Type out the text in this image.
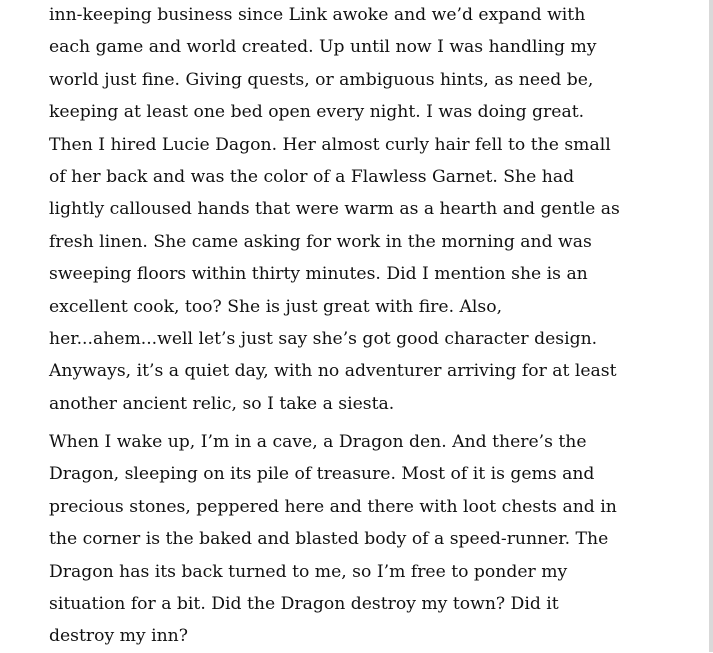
inn-keeping business since Link awoke and we’d expand with
each game and world created. Up until now I was handling my
world just fine. Giving quests, or ambiguous hints, as need be,
keeping at least one bed open every night. I was doing great.
Then I hired Lucie Dagon. Her almost curly hair fell to the small
of her back and was the color of a Flawless Garnet. She had
lightly calloused hands that were warm as a hearth and gentle as
fresh linen. She came asking for work in the morning and was
sweeping floors within thirty minutes. Did I mention she is an
excellent cook, too? She is just great with fire. Also,
her...ahem...well let’s just say she’s got good character design.
Anyways, it’s a quiet day, with no adventurer arriving for at least
another ancient relic, so I take a siesta.
When I wake up, I’m in a cave, a Dragon den. And there’s the
Dragon, sleeping on its pile of treasure. Most of it is gems and
precious stones, peppered here and there with loot chests and in
the corner is the baked and blasted body of a speed-runner. The
Dragon has its back turned to me, so I’m free to ponder my
situation for a bit. Did the Dragon destroy my town? Did it
destroy my inn?
